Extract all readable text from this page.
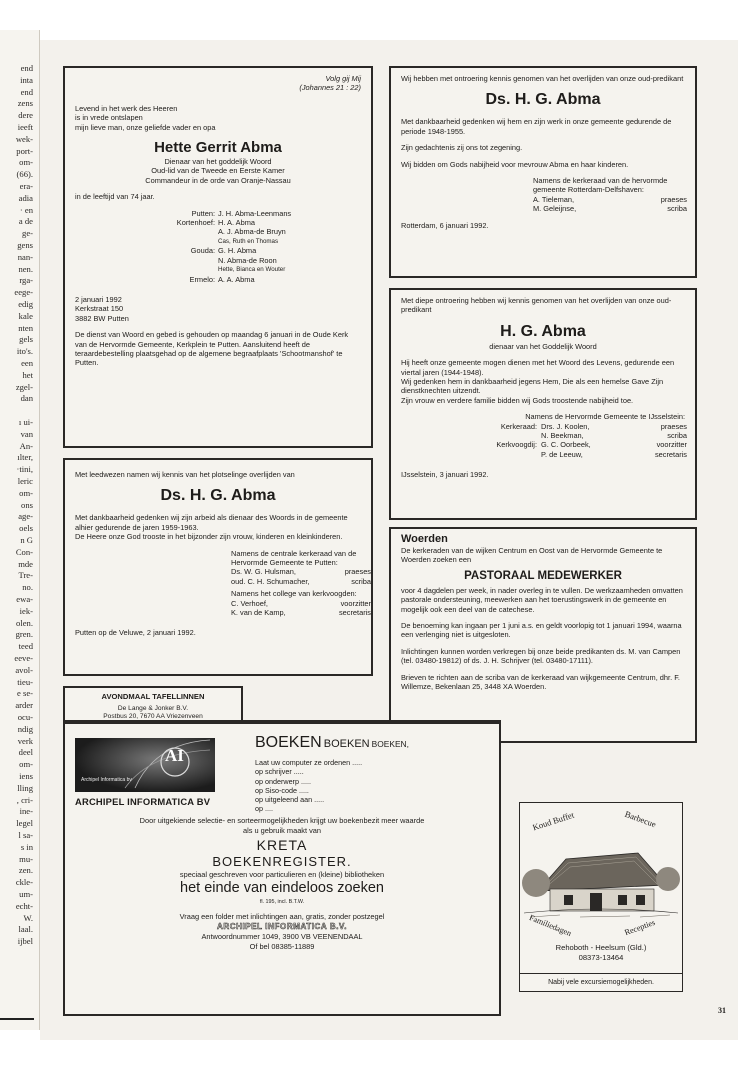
end
inta
end
zens
dere
ieeft
wek-
port-
om-
(66).
era-
adia
· en
a de
ge-
gens
nan-
nen.
rga-
eege-
edig
kale
nten
gels
ito's.
een
het
zgel-
dan
ı ui-
van
An-
ılter,
·tini,
leric
om-
ons
age-
oels
n G
Con-
mde
Tre-
no.
ewa-
iek-
olen.
gren.
teed
eeve-
avol-
tieu-
e se-
arder
ocu-
ndig
verk
deel
om-
iens
lling
, cri-
ine-
legel
l sa-
s in
mu-
zen.
ckle-
um-
echt-
W.
laal.
ijbel
Volg gij Mij
(Johannes 21 : 22)
Levend in het werk des Heeren
is in vrede ontslapen
mijn lieve man, onze geliefde vader en opa
Hette Gerrit Abma
Dienaar van het goddelijk Woord
Oud-lid van de Tweede en Eerste Kamer
Commandeur in de orde van Oranje-Nassau
in de leeftijd van 74 jaar.
Putten: J. H. Abma-Leenmans
Kortenhoef: H. A. Abma
A. J. Abma-de Bruyn
Cas, Ruth en Thomas
Gouda: G. H. Abma
N. Abma-de Roon
Hette, Bianca en Wouter
Ermelo: A. A. Abma
2 januari 1992
Kerkstraat 150
3882 BW Putten
De dienst van Woord en gebed is gehouden op maandag 6 januari in de Oude Kerk van de Hervormde Gemeente, Kerkplein te Putten. Aansluitend heeft de teraardebestelling plaatsgehad op de algemene begraafplaats 'Schootmanshof' te Putten.
Met leedwezen namen wij kennis van het plotselinge overlijden van
Ds. H. G. Abma
Met dankbaarheid gedenken wij zijn arbeid als dienaar des Woords in de gemeente alhier gedurende de jaren 1959-1963.
De Heere onze God trooste in het bijzonder zijn vrouw, kinderen en kleinkinderen.
Namens de centrale kerkeraad van de
Hervormde Gemeente te Putten:
Ds. W. G. Hulsman,	praeses
oud. C. H. Schumacher,	scriba
Namens het college van kerkvoogden:
C. Verhoef,	voorzitter
K. van de Kamp,	secretaris
Putten op de Veluwe, 2 januari 1992.
AVONDMAAL TAFELLINNEN
De Lange & Jonker B.V.
Postbus 20, 7670 AA Vriezenveen
Wij hebben met ontroering kennis genomen van het overlijden van onze oud-predikant
Ds. H. G. Abma
Met dankbaarheid gedenken wij hem en zijn werk in onze gemeente gedurende de periode 1948-1955.
Zijn gedachtenis zij ons tot zegening.
Wij bidden om Gods nabijheid voor mevrouw Abma en haar kinderen.
Namens de kerkeraad van de hervormde
gemeente Rotterdam-Delfshaven:
A. Tieleman,	praeses
M. Geleijnse,	scriba
Rotterdam, 6 januari 1992.
Met diepe ontroering hebben wij kennis genomen van het overlijden van onze oud-predikant
H. G. Abma
dienaar van het Goddelijk Woord
Hij heeft onze gemeente mogen dienen met het Woord des Levens, gedurende een viertal jaren (1944-1948).
Wij gedenken hem in dankbaarheid jegens Hem, Die als een hemelse Gave Zijn dienstknechten uitzendt.
Zijn vrouw en verdere familie bidden wij Gods troostende nabijheid toe.
Namens de Hervormde Gemeente te IJsselstein:
Kerkeraad: Drs. J. Koolen,	praeses
N. Beekman,	scriba
Kerkvoogdij: G. C. Oorbeek,	voorzitter
P. de Leeuw,	secretaris
IJsselstein, 3 januari 1992.
Woerden
De kerkeraden van de wijken Centrum en Oost van de Hervormde Gemeente te Woerden zoeken een
PASTORAAL MEDEWERKER
voor 4 dagdelen per week, in nader overleg in te vullen. De werkzaamheden omvatten pastorale ondersteuning, meewerken aan het toerustingswerk in de gemeente en mogelijk ook een deel van de catechese.
De benoeming kan ingaan per 1 juni a.s. en geldt voorlopig tot 1 januari 1994, waarna een verlenging niet is uitgesloten.
Inlichtingen kunnen worden verkregen bij onze beide predikanten ds. M. van Campen (tel. 03480-19812) of ds. J. H. Schrijver (tel. 03480-17111).
Brieven te richten aan de scriba van de kerkeraad van wijkgemeente Centrum, dhr. F. Willemze, Bekenlaan 25, 3448 XA Woerden.
AI
Archipel Informatica bv
ARCHIPEL INFORMATICA BV
BOEKEN BOEKEN BOEKEN,
Laat uw computer ze ordenen .....
op schrijver .....
op onderwerp .....
op Siso-code .....
op uitgeleend aan .....
op ....
Door uitgekiende selectie- en sorteermogelijkheden krijgt uw boekenbezit meer waarde
als u gebruik maakt van
KRETA
BOEKENREGISTER.
speciaal geschreven voor particulieren en (kleine) bibliotheken
het einde van eindeloos zoeken
fl. 195, incl. B.T.W.
Vraag een folder met inlichtingen aan, gratis, zonder postzegel
ARCHIPEL INFORMATICA B.V.
Antwoordnummer 1049, 3900 VB VEENENDAAL
Of bel 08385-11889
Koud Buffet	Barbecue
Familiedagen	Recepties
Rehoboth - Heelsum (Gld.)
08373-13464
Nabij vele excursiemogelijkheden.
31
